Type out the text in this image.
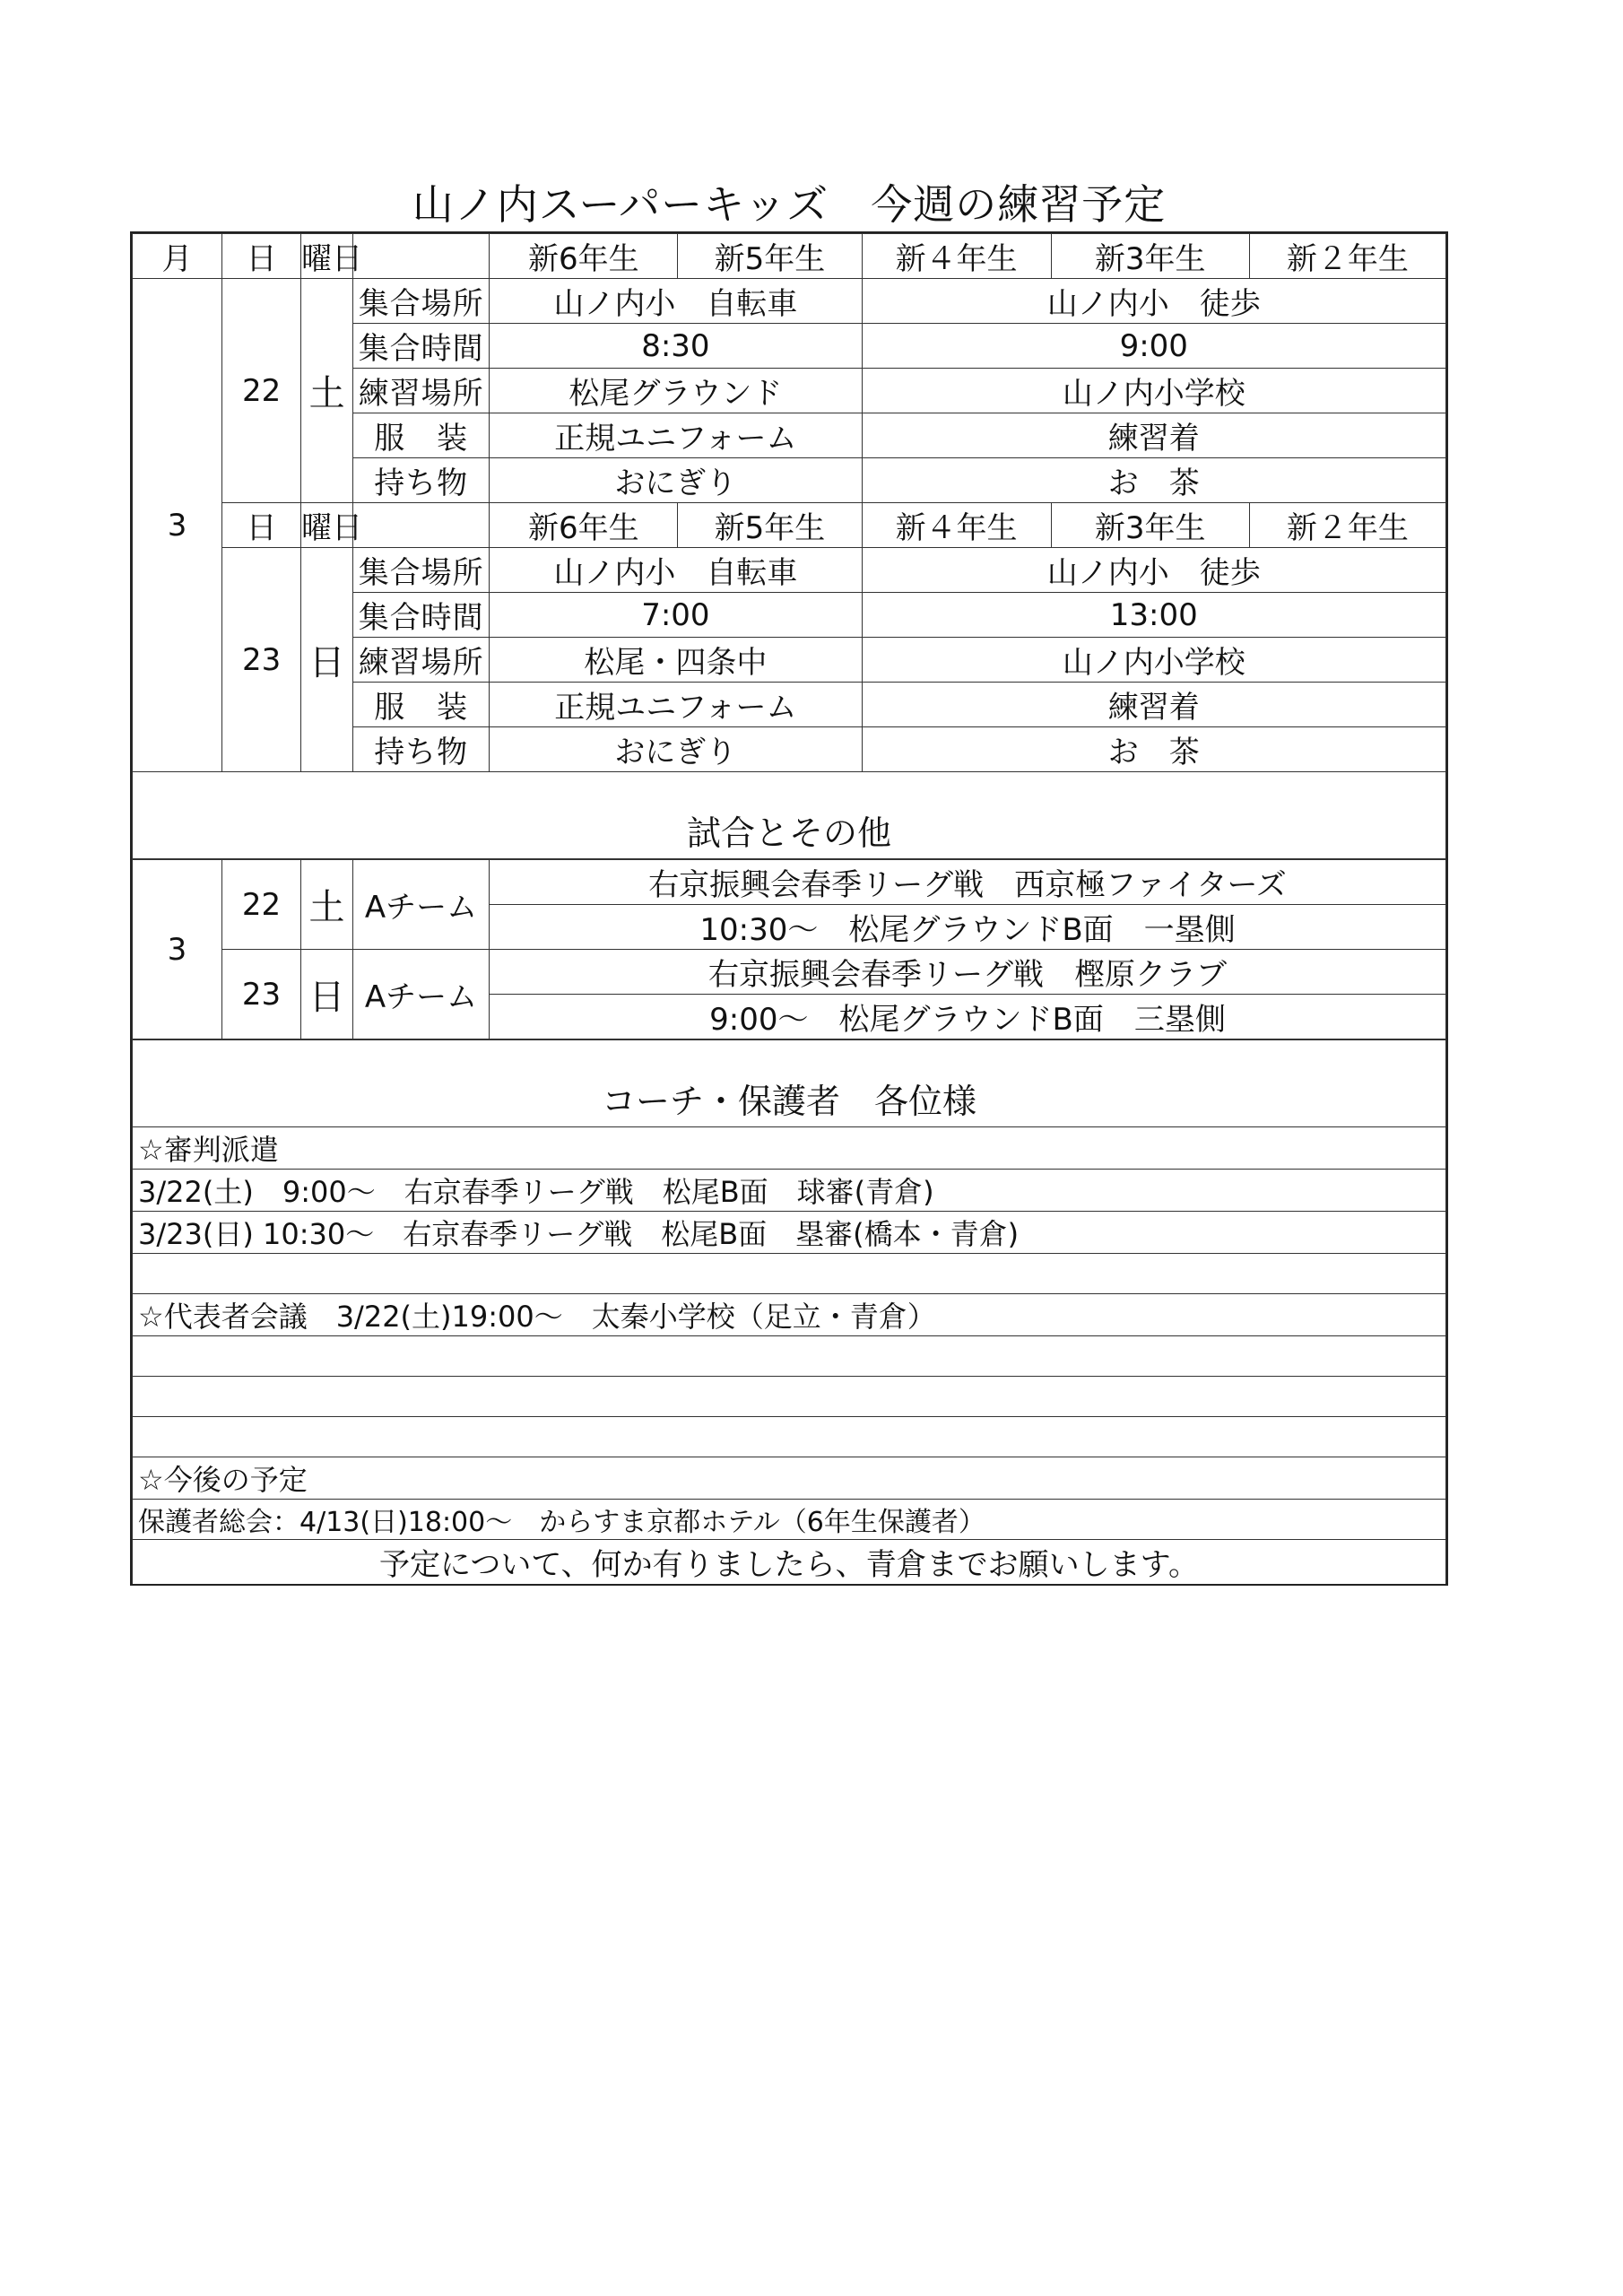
山ノ内スーパーキッズ　今週の練習予定
月	日	曜日		新6年生	新5年生	新４年生	新3年生	新２年生
3	22	土	集合場所	山ノ内小　自転車		山ノ内小　徒歩		
			集合時間	8:30		9:00		
			練習場所	松尾グラウンド		山ノ内小学校		
			服　装	正規ユニフォーム		練習着		
			持ち物	おにぎり		お　茶		
	日	曜日		新6年生	新5年生	新４年生	新3年生	新２年生
	23	日	集合場所	山ノ内小　自転車		山ノ内小　徒歩		
			集合時間	7:00		13:00		
			練習場所	松尾・四条中		山ノ内小学校		
			服　装	正規ユニフォーム		練習着		
			持ち物	おにぎり		お　茶		
試合とその他								
3	22	土	Aチーム	右京振興会春季リーグ戦　西京極ファイターズ
				10:30～　松尾グラウンドB面　一塁側
	23	日	Aチーム	右京振興会春季リーグ戦　樫原クラブ
				9:00～　松尾グラウンドB面　三塁側
コーチ・保護者　各位様
☆審判派遣
3/22(土)　9:00～　右京春季リーグ戦　松尾B面　球審(青倉)
3/23(日) 10:30～　右京春季リーグ戦　松尾B面　塁審(橋本・青倉)

☆代表者会議　3/22(土)19:00～　太秦小学校（足立・青倉）

☆今後の予定
保護者総会：4/13(日)18:00～　からすま京都ホテル（6年生保護者）
予定について、何か有りましたら、青倉までお願いします。
